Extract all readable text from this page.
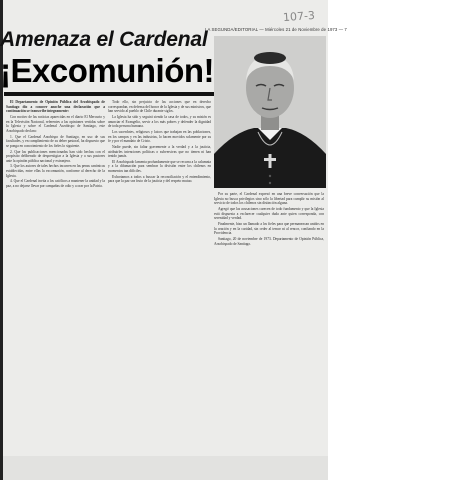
107-3
LA SEGUNDA/EDITORIAL — Miércoles 21 de Noviembre de 1973 — 7
Amenaza el Cardenal
¡Excomunión!

El Departamento de Opinión Pública del Arzobispado de Santiago dio a conocer anoche una declaración que a continuación se transcribe íntegramente:

Con motivo de las noticias aparecidas en el diario El Mercurio y en la Televisión Nacional, referentes a las opiniones vertidas sobre la Iglesia y sobre el Cardenal Arzobispo de Santiago, este Arzobispado declara:

1. Que el Cardenal Arzobispo de Santiago, en uso de sus facultades, y en cumplimiento de su deber pastoral, ha dispuesto que se ponga en conocimiento de los fieles lo siguiente.

2. Que las publicaciones mencionadas han sido hechas con el propósito deliberado de desprestigiar a la Iglesia y a sus pastores ante la opinión pública nacional y extranjera.

3. Que los autores de tales hechos incurren en las penas canónicas establecidas, entre ellas la excomunión, conforme al derecho de la Iglesia.

4. Que el Cardenal invita a los católicos a mantener la unidad y la paz, a no dejarse llevar por campañas de odio y a orar por la Patria.

Todo ello, sin perjuicio de las acciones que en derecho correspondan, en defensa del honor de la Iglesia y de sus ministros, que han servido al pueblo de Chile durante siglos.

La Iglesia ha sido y seguirá siendo la casa de todos, y su misión es anunciar el Evangelio, servir a los más pobres y defender la dignidad de toda persona humana.

Los sacerdotes, religiosos y laicos que trabajan en las poblaciones, en los campos y en las industrias, lo hacen movidos solamente por su fe y por el mandato de Cristo.

Nadie puede, sin faltar gravemente a la verdad y a la justicia, atribuirles intenciones políticas o subversivas que no tienen ni han tenido jamás.

El Arzobispado lamenta profundamente que se recurra a la calumnia y a la difamación para sembrar la división entre los chilenos en momentos tan difíciles.

Exhortamos a todos a buscar la reconciliación y el entendimiento, para que la paz sea fruto de la justicia y del respeto mutuo.

Por su parte, el Cardenal expresó en una breve conversación que la Iglesia no busca privilegios sino sólo la libertad para cumplir su misión al servicio de todos los chilenos sin distinción alguna.

Agregó que las acusaciones carecen de todo fundamento y que la Iglesia está dispuesta a esclarecer cualquier duda ante quien corresponda, con serenidad y verdad.

Finalmente, hizo un llamado a los fieles para que permanezcan unidos en la oración y en la caridad, sin ceder al temor ni al rencor, confiando en la Providencia.

Santiago, 20 de noviembre de 1973. Departamento de Opinión Pública, Arzobispado de Santiago.
